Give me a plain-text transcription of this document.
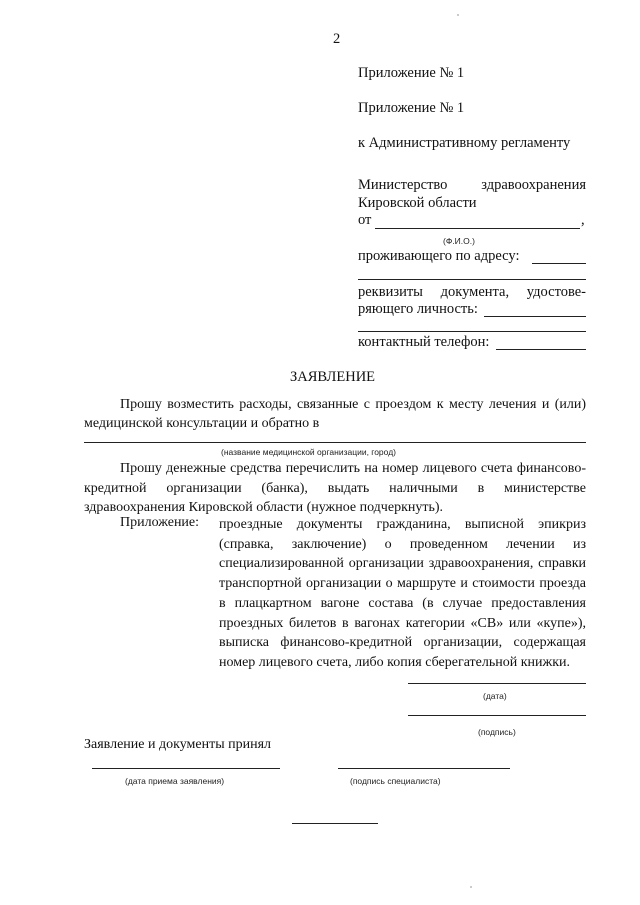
2
Приложение № 1
Приложение № 1
к Административному регламенту
Министерство здравоохранения
Кировской области
от	,
(Ф.И.О.)
проживающего по адресу:
реквизиты документа, удостове-
ряющего личность:
контактный телефон:
ЗАЯВЛЕНИЕ
Прошу возместить расходы, связанные с проездом к месту лечения и (или) медицинской консультации и обратно в
(название медицинской организации, город)
Прошу денежные средства перечислить на номер лицевого счета финансово-кредитной организации (банка), выдать наличными в министерстве здравоохранения Кировской области (нужное подчеркнуть).
Приложение: проездные документы гражданина, выписной эпикриз (справка, заключение) о проведенном лечении из специализированной организации здравоохранения, справки транспортной организации о маршруте и стоимости проезда в плацкартном вагоне состава (в случае предоставления проездных билетов в вагонах категории «СВ» или «купе»), выписка финансово-кредитной организации, содержащая номер лицевого счета, либо копия сберегательной книжки.
(дата)
(подпись)
Заявление и документы принял
(дата приема заявления)	(подпись специалиста)
